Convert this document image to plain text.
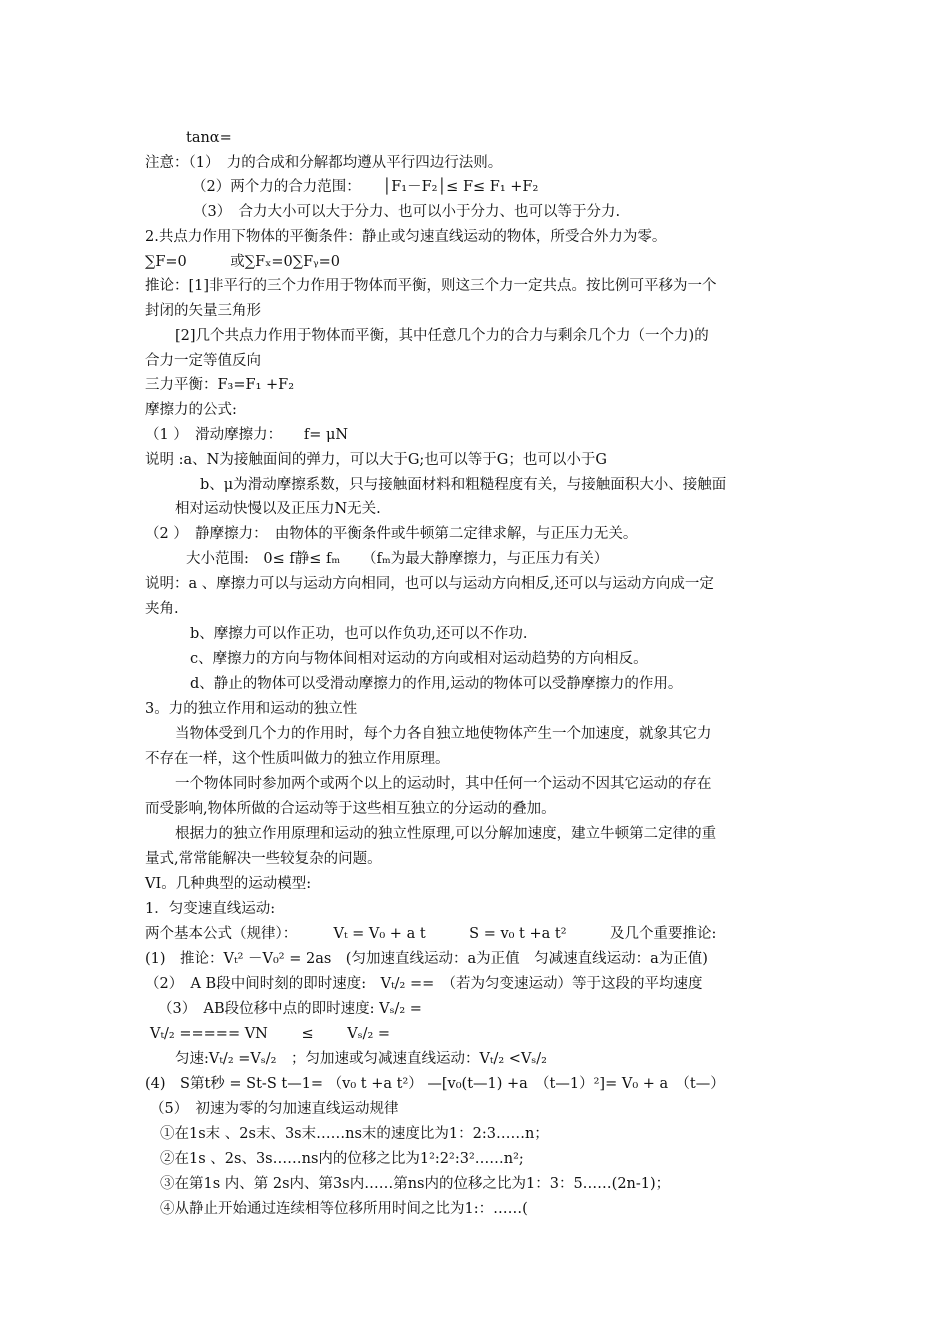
tanα=
注意：（1）　力的合成和分解都均遵从平行四边行法则。
（2）两个力的合力范围：　　│F₁－F₂│≤ F≤ F₁ +F₂
（3）　合力大小可以大于分力、也可以小于分力、也可以等于分力.
2.共点力作用下物体的平衡条件：静止或匀速直线运动的物体，所受合外力为零。
∑F=0　　　或∑Fₓ=0∑Fᵧ=0
推论：[1]非平行的三个力作用于物体而平衡，则这三个力一定共点。按比例可平移为一个
封闭的矢量三角形
[2]几个共点力作用于物体而平衡，其中任意几个力的合力与剩余几个力（一个力)的
合力一定等值反向
三力平衡：F₃=F₁ +F₂
摩擦力的公式:
（1 ）　滑动摩擦力：　　f= μN
说明 :a、N为接触面间的弹力，可以大于G;也可以等于G；也可以小于G
b、μ为滑动摩擦系数，只与接触面材料和粗糙程度有关，与接触面积大小、接触面
相对运动快慢以及正压力N无关.
（2 ）　静摩擦力：　由物体的平衡条件或牛顿第二定律求解，与正压力无关。
大小范围:　0≤ f静≤ fₘ　　（fₘ为最大静摩擦力，与正压力有关）
说明：a 、摩擦力可以与运动方向相同，也可以与运动方向相反,还可以与运动方向成一定
夹角.
b、摩擦力可以作正功，也可以作负功,还可以不作功.
c、摩擦力的方向与物体间相对运动的方向或相对运动趋势的方向相反。
d、静止的物体可以受滑动摩擦力的作用,运动的物体可以受静摩擦力的作用。
3。力的独立作用和运动的独立性
当物体受到几个力的作用时，每个力各自独立地使物体产生一个加速度，就象其它力
不存在一样，这个性质叫做力的独立作用原理。
一个物体同时参加两个或两个以上的运动时，其中任何一个运动不因其它运动的存在
而受影响,物体所做的合运动等于这些相互独立的分运动的叠加。
根据力的独立作用原理和运动的独立性原理,可以分解加速度，建立牛顿第二定律的重
量式,常常能解决一些较复杂的问题。
VI。几种典型的运动模型:
1．匀变速直线运动:
两个基本公式（规律）：　　　Vₜ = V₀ + a t　　　S = v₀ t +a t²　　　及几个重要推论:
(1)　推论：Vₜ² －V₀² = 2as　(匀加速直线运动：a为正值　匀减速直线运动：a为正值)
（2）　A B段中间时刻的即时速度:　Vₜ/₂ ==　（若为匀变速运动）等于这段的平均速度
（3）　AB段位移中点的即时速度: Vₛ/₂ =
Vₜ/₂ ===== VN　　 ≤　　 Vₛ/₂ =
匀速:Vₜ/₂ =Vₛ/₂　；匀加速或匀减速直线运动：Vₜ/₂ <Vₛ/₂
(4)　S第t秒 = St-S t—1= （v₀ t +a t²） —[v₀(t—1) +a　（t—1）²]= V₀ + a　（t—）
（5）　初速为零的匀加速直线运动规律
①在1s末 、2s末、3s末……ns末的速度比为1：2:3……n；
②在1s 、2s、3s……ns内的位移之比为1²:2²:3²……n²;
③在第1s 内、第 2s内、第3s内……第ns内的位移之比为1：3：5……(2n-1)；
④从静止开始通过连续相等位移所用时间之比为1:：……(
